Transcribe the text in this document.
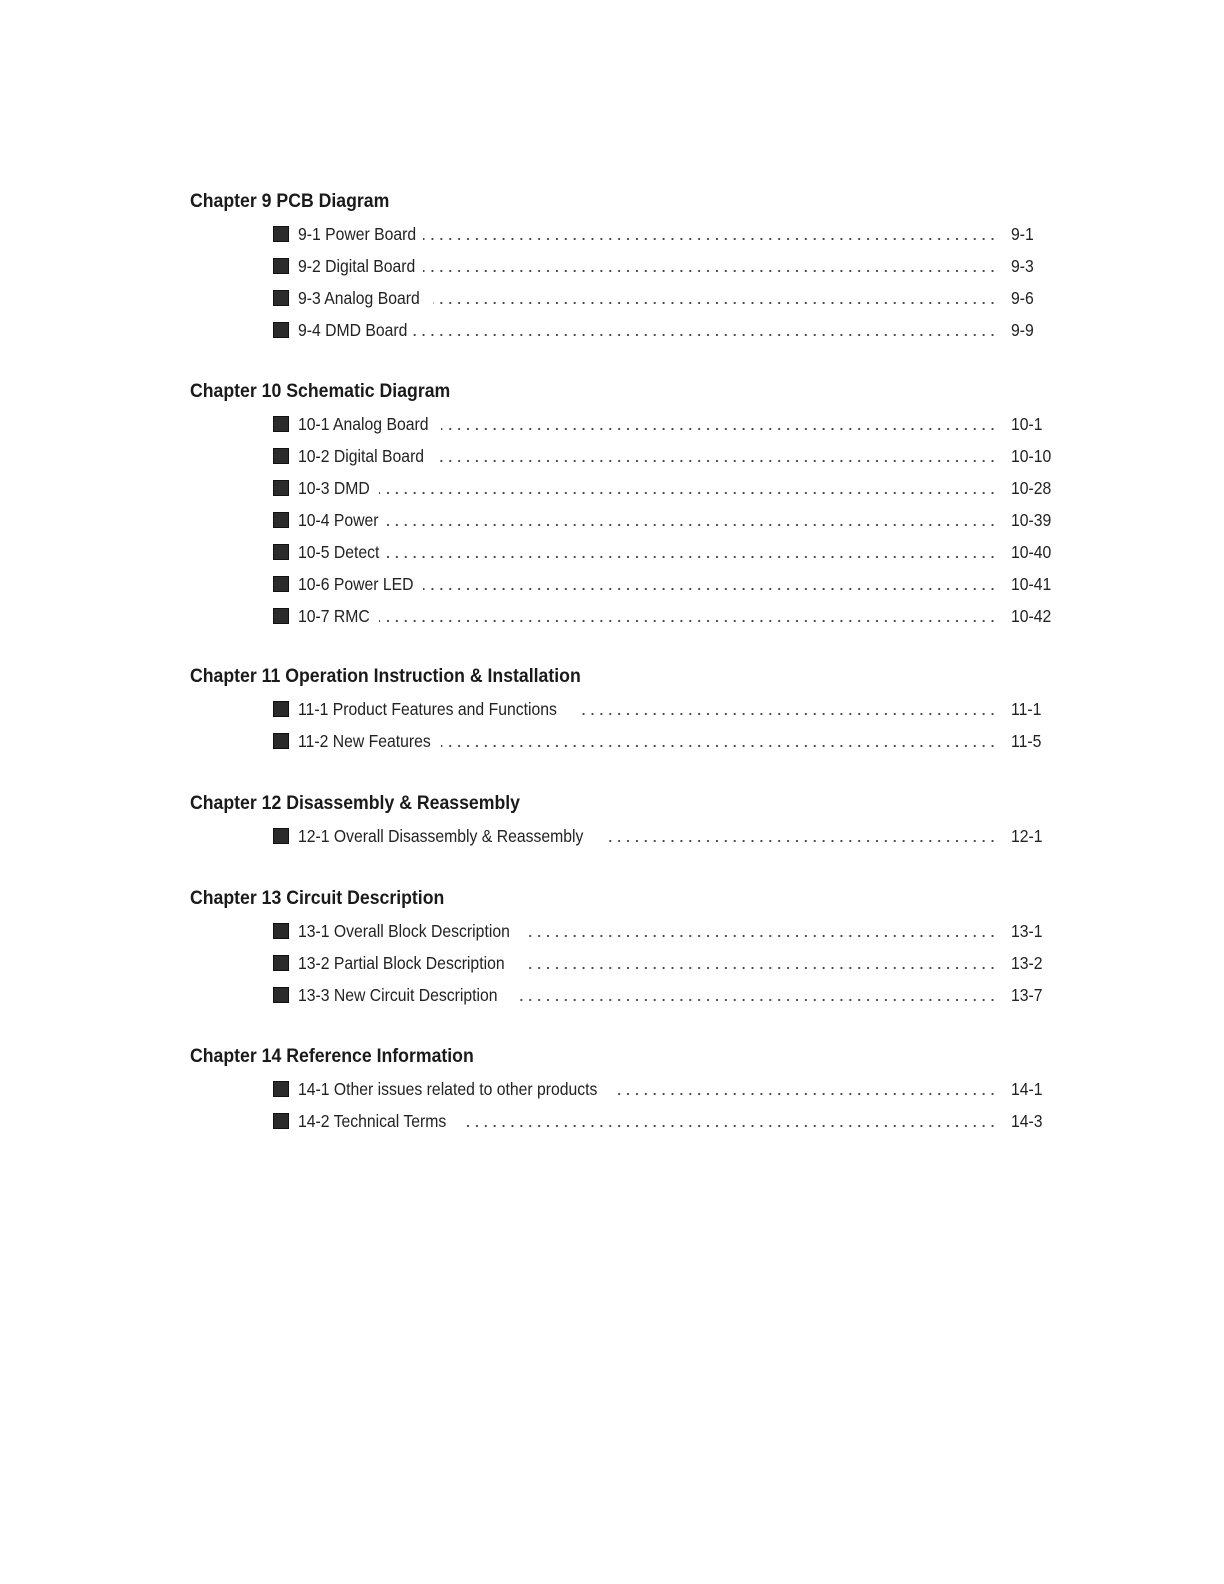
Chapter 9 PCB Diagram
9-1 Power Board	9-1
9-2 Digital Board	9-3
9-3 Analog Board	9-6
9-4 DMD Board	9-9
Chapter 10 Schematic Diagram
10-1 Analog Board	10-1
10-2 Digital Board	10-10
10-3 DMD	10-28
10-4 Power	10-39
10-5 Detect	10-40
10-6 Power LED	10-41
10-7 RMC	10-42
Chapter 11 Operation Instruction & Installation
11-1 Product Features and Functions	11-1
11-2 New Features	11-5
Chapter 12 Disassembly & Reassembly
12-1 Overall Disassembly & Reassembly	12-1
Chapter 13 Circuit Description
13-1 Overall Block Description	13-1
13-2 Partial Block Description	13-2
13-3 New Circuit Description	13-7
Chapter 14 Reference Information
14-1 Other issues related to other products	14-1
14-2 Technical Terms	14-3
